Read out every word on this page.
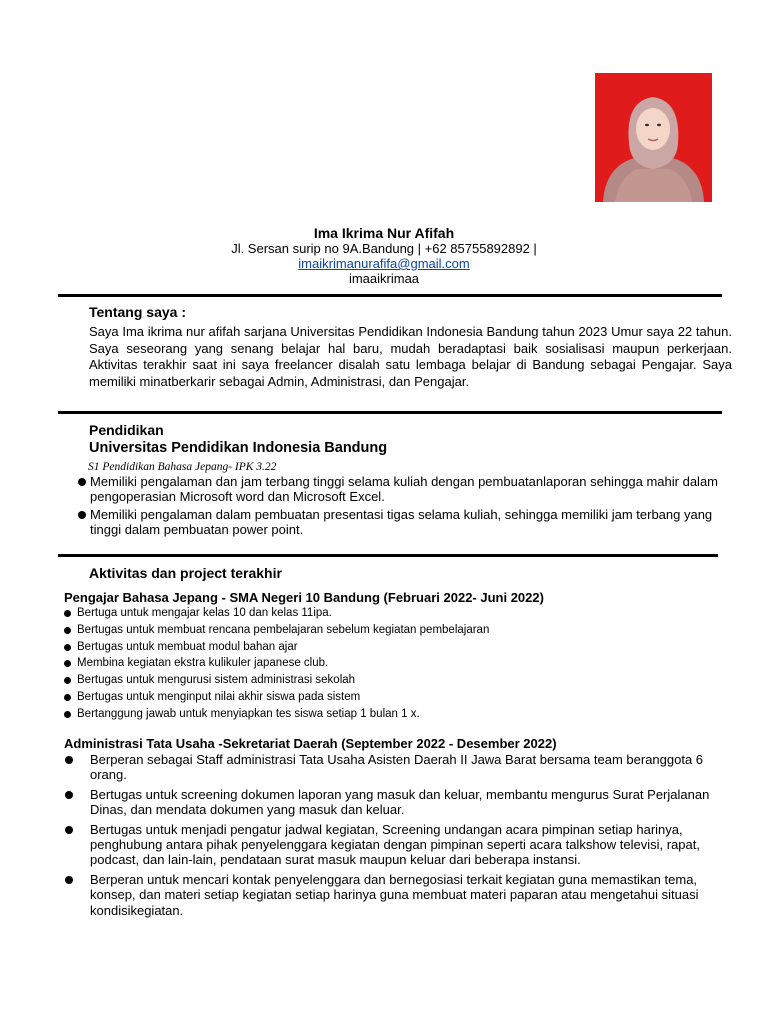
Ima Ikrima Nur Afifah
Jl. Sersan surip no 9A.Bandung | +62 85755892892 |
imaikrimanurafifa@gmail.com
imaaikrimaa
Tentang saya :
Saya Ima ikrima nur afifah sarjana Universitas Pendidikan Indonesia Bandung tahun 2023 Umur saya 22 tahun. Saya seseorang yang senang belajar hal baru, mudah beradaptasi baik sosialisasi maupun perkerjaan. Aktivitas terakhir saat ini saya freelancer disalah satu lembaga belajar di Bandung sebagai Pengajar. Saya memiliki minatberkarir sebagai Admin, Administrasi, dan Pengajar.
Pendidikan
Universitas Pendidikan Indonesia Bandung
S1 Pendidikan Bahasa Jepang- IPK 3.22
Memiliki pengalaman dan jam terbang tinggi selama kuliah dengan pembuatanlaporan sehingga mahir dalam pengoperasian Microsoft word dan Microsoft Excel.
Memiliki pengalaman dalam pembuatan presentasi tigas selama kuliah, sehingga memiliki jam terbang yang tinggi dalam pembuatan power point.
Aktivitas dan project terakhir
Pengajar Bahasa Jepang - SMA Negeri 10 Bandung (Februari 2022- Juni 2022)
Bertuga untuk mengajar kelas 10 dan kelas 11ipa.
Bertugas untuk membuat rencana pembelajaran sebelum kegiatan pembelajaran
Bertugas untuk membuat modul bahan ajar
Membina kegiatan ekstra kulikuler japanese club.
Bertugas untuk mengurusi sistem administrasi sekolah
Bertugas untuk menginput nilai akhir siswa pada sistem
Bertanggung jawab untuk menyiapkan tes siswa setiap 1 bulan 1 x.
Administrasi Tata Usaha -Sekretariat Daerah (September 2022 - Desember 2022)
Berperan sebagai Staff administrasi Tata Usaha Asisten Daerah II Jawa Barat bersama team beranggota 6 orang.
Bertugas untuk screening dokumen laporan yang masuk dan keluar, membantu mengurus Surat Perjalanan Dinas, dan mendata dokumen yang masuk dan keluar.
Bertugas untuk menjadi pengatur jadwal kegiatan, Screening undangan acara pimpinan setiap harinya, penghubung antara pihak penyelenggara kegiatan dengan pimpinan seperti acara talkshow televisi, rapat, podcast, dan lain-lain, pendataan surat masuk maupun keluar dari beberapa instansi.
Berperan untuk mencari kontak penyelenggara dan bernegosiasi terkait kegiatan guna memastikan tema, konsep, dan materi setiap kegiatan setiap harinya guna membuat materi paparan atau mengetahui situasi kondisikegiatan.
